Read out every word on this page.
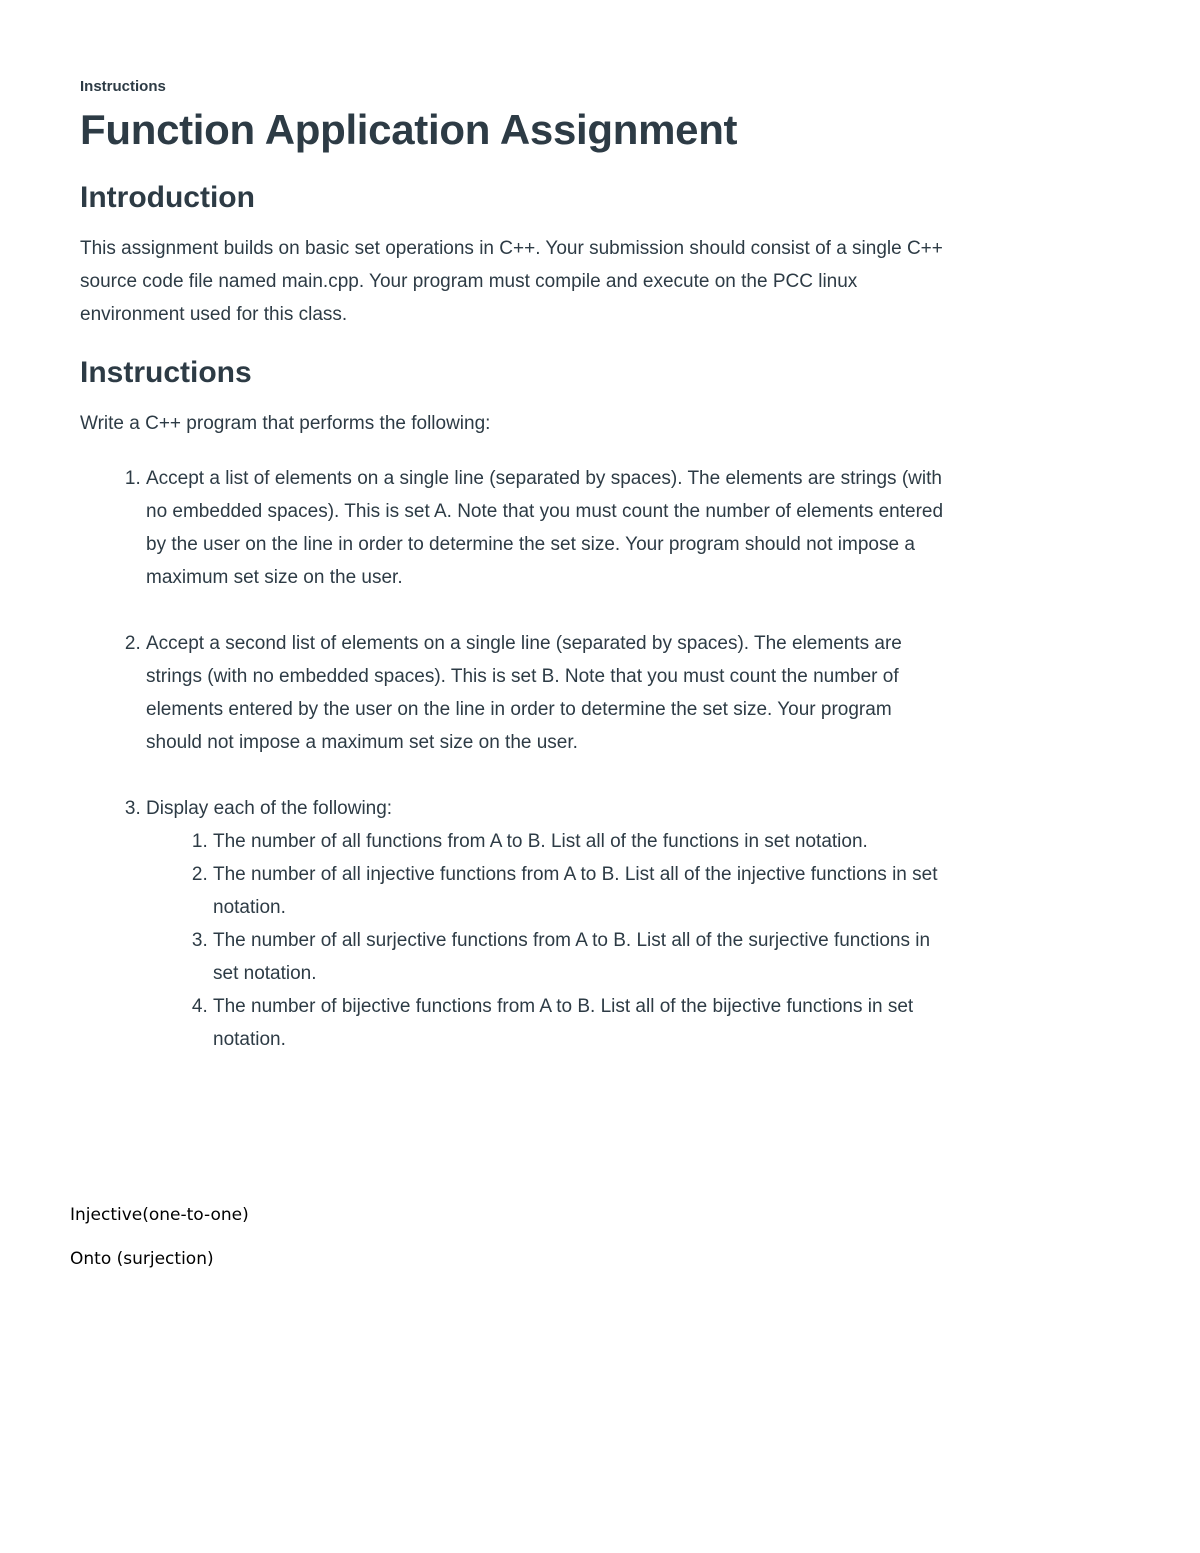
Instructions
Function Application Assignment
Introduction

This assignment builds on basic set operations in C++. Your submission should consist of a single C++ source code file named main.cpp. Your program must compile and execute on the PCC linux environment used for this class.

Instructions

Write a C++ program that performs the following:

1. Accept a list of elements on a single line (separated by spaces). The elements are strings (with no embedded spaces). This is set A. Note that you must count the number of elements entered by the user on the line in order to determine the set size. Your program should not impose a maximum set size on the user.
2. Accept a second list of elements on a single line (separated by spaces). The elements are strings (with no embedded spaces). This is set B. Note that you must count the number of elements entered by the user on the line in order to determine the set size. Your program should not impose a maximum set size on the user.
3. Display each of the following:
1. The number of all functions from A to B. List all of the functions in set notation.
2. The number of all injective functions from A to B. List all of the injective functions in set notation.
3. The number of all surjective functions from A to B. List all of the surjective functions in set notation.
4. The number of bijective functions from A to B. List all of the bijective functions in set notation.

Injective(one-to-one)

Onto (surjection)
